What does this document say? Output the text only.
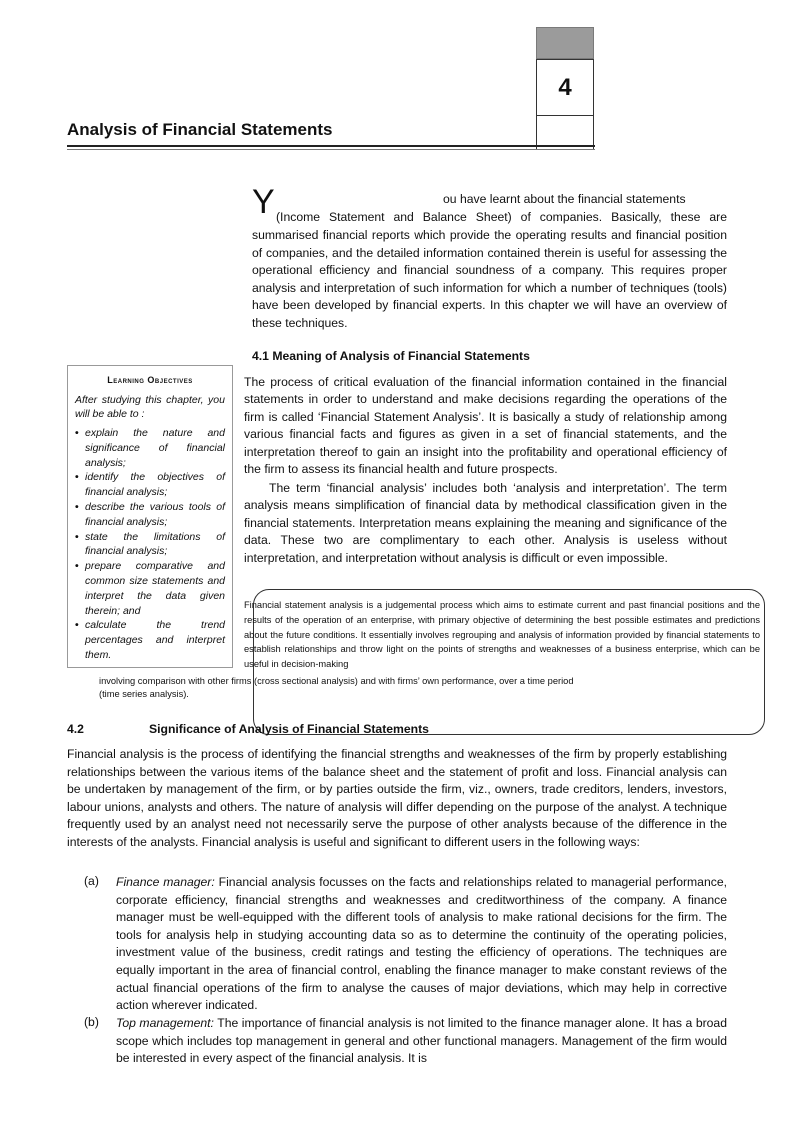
4
Analysis of Financial Statements
Y	ou have learnt about the financial statements
(Income Statement and Balance Sheet) of companies. Basically, these are
summarised financial reports which provide the operating results and financial position of companies, and the detailed information contained therein is useful for assessing the operational efficiency and financial soundness of a company. This requires proper analysis and interpretation of such information for which a number of techniques (tools) have been developed by financial experts. In this chapter we will have an overview of these techniques.
4.1 Meaning of Analysis of Financial Statements
Learning Objectives
After studying this chapter, you will be able to :
• explain the nature and significance of financial analysis;
• identify the objectives of financial analysis;
• describe the various tools of financial analysis;
• state the limitations of financial analysis;
• prepare comparative and common size statements and interpret the data given therein; and
• calculate the trend percentages and interpret them.
The process of critical evaluation of the financial information contained in the financial statements in order to understand and make decisions regarding the operations of the firm is called ‘Financial Statement Analysis’. It is basically a study of relationship among various financial facts and figures as given in a set of financial statements, and the interpretation thereof to gain an insight into the profitability and operational efficiency of the firm to assess its financial health and future prospects.
The term ‘financial analysis’ includes both ‘analysis and interpretation’. The term analysis means simplification of financial data by methodical classification given in the financial statements. Interpretation means explaining the meaning and significance of the data. These two are complimentary to each other. Analysis is useless without interpretation, and interpretation without analysis is difficult or even impossible.
Financial statement analysis is a judgemental process which aims to estimate current and past financial positions and the results of the operation of an enterprise, with primary objective of determining the best possible estimates and predictions about the future conditions. It essentially involves regrouping and analysis of information provided by financial statements to establish relationships and throw light on the points of strengths and weaknesses of a business enterprise, which can be useful in decision-making
involving comparison with other firms (cross sectional analysis) and with firms’ own performance, over a time period
(time series analysis).
4.2	Significance of Analysis of Financial Statements
Financial analysis is the process of identifying the financial strengths and weaknesses of the firm by properly establishing relationships between the various items of the balance sheet and the statement of profit and loss. Financial analysis can be undertaken by management of the firm, or by parties outside the firm, viz., owners, trade creditors, lenders, investors, labour unions, analysts and others. The nature of analysis will differ depending on the purpose of the analyst. A technique frequently used by an analyst need not necessarily serve the purpose of other analysts because of the difference in the interests of the analysts. Financial analysis is useful and significant to different users in the following ways:
(a) Finance manager: Financial analysis focusses on the facts and relationships related to managerial performance, corporate efficiency, financial strengths and weaknesses and creditworthiness of the company. A finance manager must be well-equipped with the different tools of analysis to make rational decisions for the firm. The tools for analysis help in studying accounting data so as to determine the continuity of the operating policies, investment value of the business, credit ratings and testing the efficiency of operations. The techniques are equally important in the area of financial control, enabling the finance manager to make constant reviews of the actual financial operations of the firm to analyse the causes of major deviations, which may help in corrective action wherever indicated.
(b) Top management: The importance of financial analysis is not limited to the finance manager alone. It has a broad scope which includes top management in general and other functional managers. Management of the firm would be interested in every aspect of the financial analysis. It is
